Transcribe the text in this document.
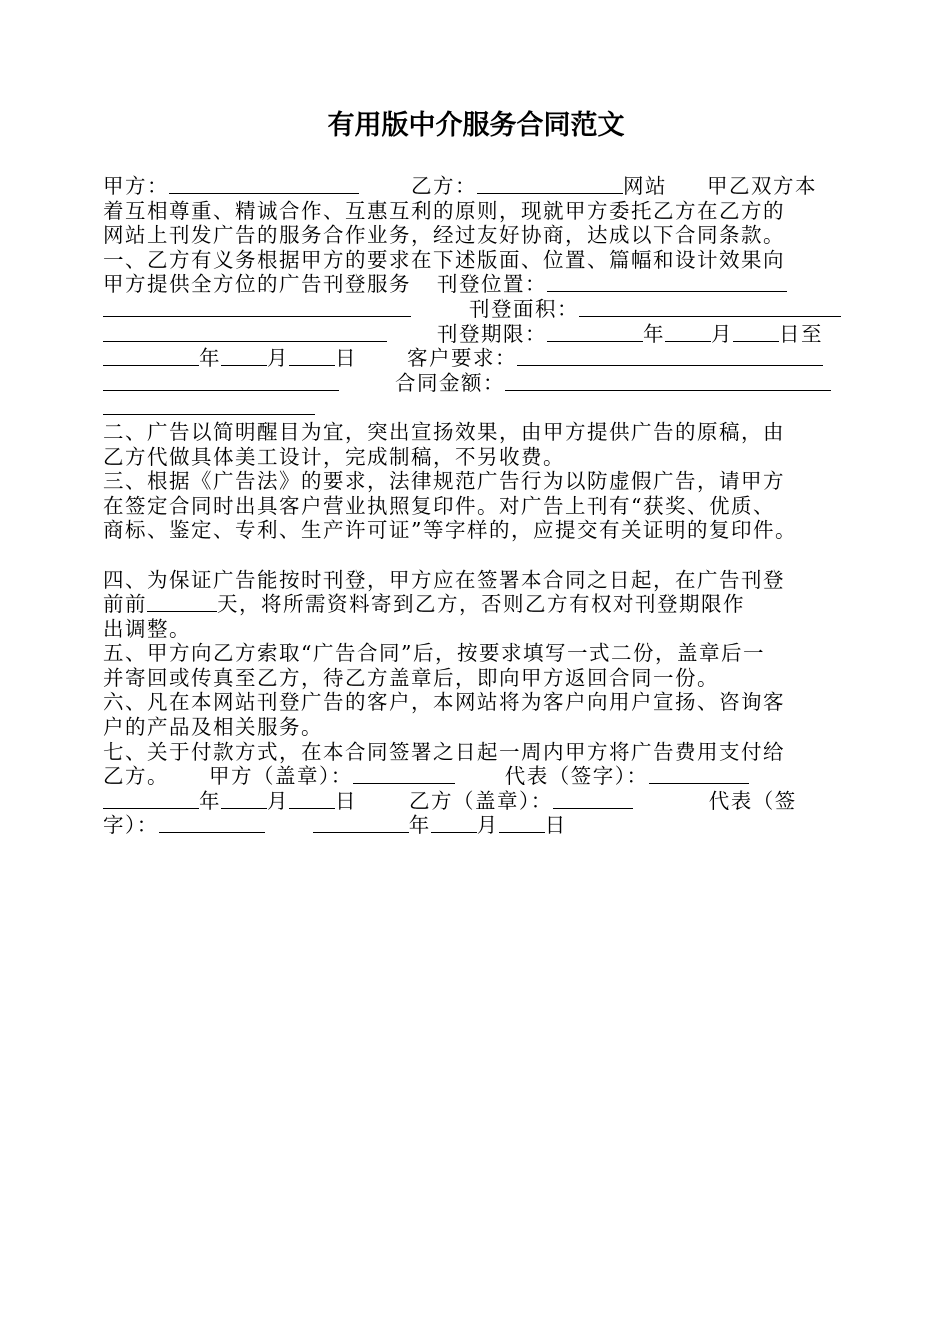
有用版中介服务合同范文
甲方：	乙方：	网站 甲乙双方本
着互相尊重、精诚合作、互惠互利的原则，现就甲方委托乙方在乙方的
网站上刊发广告的服务合作业务，经过友好协商，达成以下合同条款。
一、乙方有义务根据甲方的要求在下述版面、位置、篇幅和设计效果向
甲方提供全方位的广告刊登服务 刊登位置：
刊登面积：
刊登期限：	年 月 日至
年 月 日 客户要求：
合同金额：
二、广告以简明醒目为宜，突出宣扬效果，由甲方提供广告的原稿，由
乙方代做具体美工设计，完成制稿，不另收费。
三、根据《广告法》的要求，法律规范广告行为以防虚假广告，请甲方
在签定合同时出具客户营业执照复印件。对广告上刊有“获奖、优质、
商标、鉴定、专利、生产许可证”等字样的，应提交有关证明的复印件。
四、为保证广告能按时刊登，甲方应在签署本合同之日起，在广告刊登
前前	天，将所需资料寄到乙方，否则乙方有权对刊登期限作
出调整。
五、甲方向乙方索取“广告合同”后，按要求填写一式二份，盖章后一
并寄回或传真至乙方，待乙方盖章后，即向甲方返回合同一份。
六、凡在本网站刊登广告的客户，本网站将为客户向用户宣扬、咨询客
户的产品及相关服务。
七、关于付款方式，在本合同签署之日起一周内甲方将广告费用支付给
乙方。 甲方（盖章）：	代表（签字）：
年 月 日	乙方（盖章）：	代表（签
字）：	年 月 日
